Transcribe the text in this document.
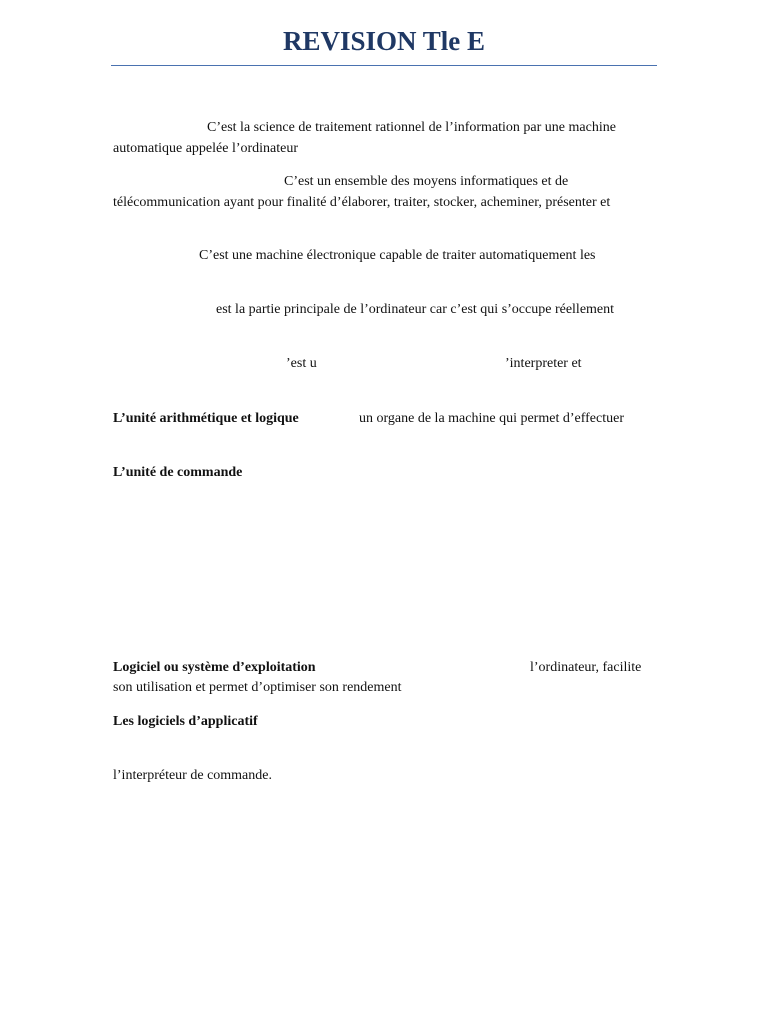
REVISION Tle E

C’est la science de traitement rationnel de l’information par une machine

automatique appelée l’ordinateur

C’est un ensemble des moyens informatiques et de

télécommunication ayant pour finalité d’élaborer, traiter, stocker, acheminer, présenter et

C’est une machine électronique capable de traiter automatiquement les

est la partie principale de l’ordinateur car c’est qui s’occupe réellement

’est u	’interpreter et

L’unité arithmétique et logique	un organe de la machine qui permet d’effectuer

L’unité de commande

Logiciel ou système d’exploitation	l’ordinateur, facilite

son utilisation et permet d’optimiser son rendement

Les logiciels d’applicatif

l’interpréteur de commande.
